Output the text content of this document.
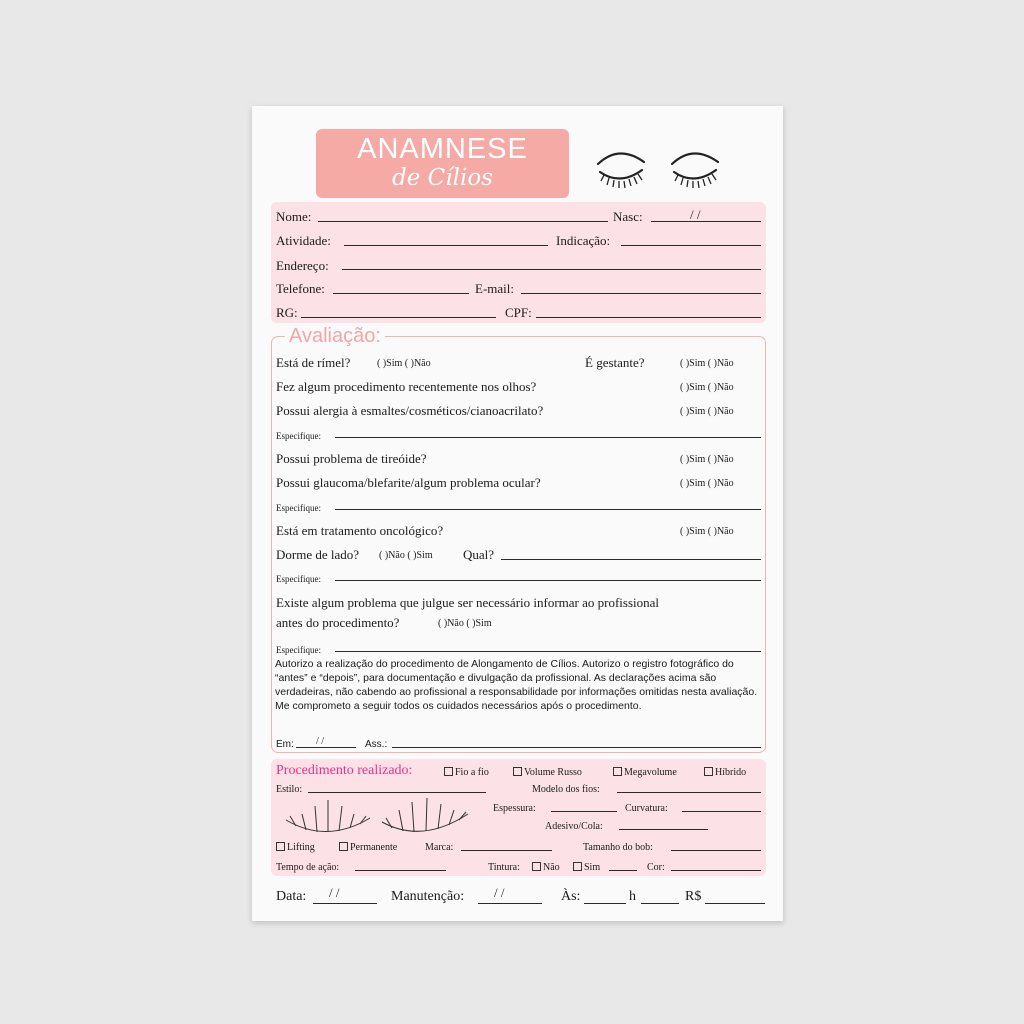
ANAMNESE
de Cílios
Nome:	Nasc:	/ /
Atividade:	Indicação:
Endereço:
Telefone:	E-mail:
RG:	CPF:
Avaliação:
Está de rímel?	( )Sim ( )Não	É gestante?	( )Sim ( )Não
Fez algum procedimento recentemente nos olhos?	( )Sim ( )Não
Possui alergia à esmaltes/cosméticos/cianoacrilato?	( )Sim ( )Não
Especifique:
Possui problema de tireóide?	( )Sim ( )Não
Possui glaucoma/blefarite/algum problema ocular?	( )Sim ( )Não
Especifique:
Está em tratamento oncológico?	( )Sim ( )Não
Dorme de lado? ( )Não ( )Sim Qual?
Especifique:
Existe algum problema que julgue ser necessário informar ao profissional
antes do procedimento?	( )Não ( )Sim
Especifique:
Autorizo a realização do procedimento de Alongamento de Cílios. Autorizo o registro fotográfico do “antes” e “depois”, para documentação e divulgação da profissional. As declarações acima são verdadeiras, não cabendo ao profissional a responsabilidade por informações omitidas nesta avaliação. Me comprometo a seguir todos os cuidados necessários após o procedimento.
Em: / /	Ass.:
Procedimento realizado:	Fio a fio	Volume Russo	Megavolume	Híbrido
Estilo:	Modelo dos fios:
Espessura:	Curvatura:
Adesivo/Cola:
Lifting	Permanente	Marca:	Tamanho do bob:
Tempo de ação:	Tintura:	Não	Sim	Cor:
Data: / /	Manutenção: / /	Às:	h	R$
